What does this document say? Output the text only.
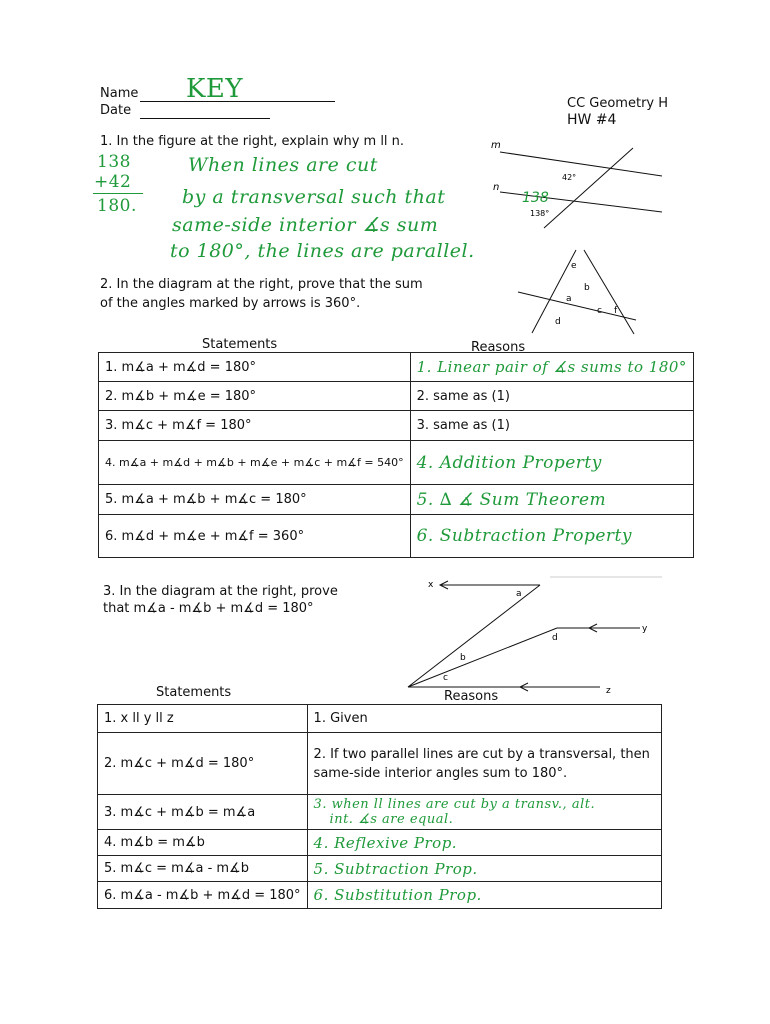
Name KEY
Date	CC Geometry H
HW #4
1. In the figure at the right, explain why m ll n.
138
+42
180.
When lines are cut
by a transversal such that
same-side interior ∡s sum
to 180°, the lines are parallel.
m
n
42°
138
138°
2. In the diagram at the right, prove that the sum
of the angles marked by arrows is 360°.
e
b
a
c f
d
Statements	Reasons
1. m∡a + m∡d = 180°	1. Linear pair of ∡s sums to 180°
2. m∡b + m∡e = 180°	2. same as (1)
3. m∡c + m∡f = 180°	3. same as (1)
4. m∡a + m∡d + m∡b + m∡e + m∡c + m∡f = 540°	4. Addition Property
5. m∡a + m∡b + m∡c = 180°	5. ∆ ∡ Sum Theorem
6. m∡d + m∡e + m∡f = 360°	6. Subtraction Property
3. In the diagram at the right, prove
that m∡a - m∡b + m∡d = 180°
x
a
y
d
b
c
z
Statements	Reasons
1. x ll y ll z	1. Given
2. m∡c + m∡d = 180°	2. If two parallel lines are cut by a transversal, then
same-side interior angles sum to 180°.

3. m∡c + m∡b = m∡a	3. when ll lines are cut by a transv., alt.
int. ∡s are equal.

4. m∡b = m∡b	4. Reflexive Prop.
5. m∡c = m∡a - m∡b	5. Subtraction Prop.
6. m∡a - m∡b + m∡d = 180°	6. Substitution Prop.
